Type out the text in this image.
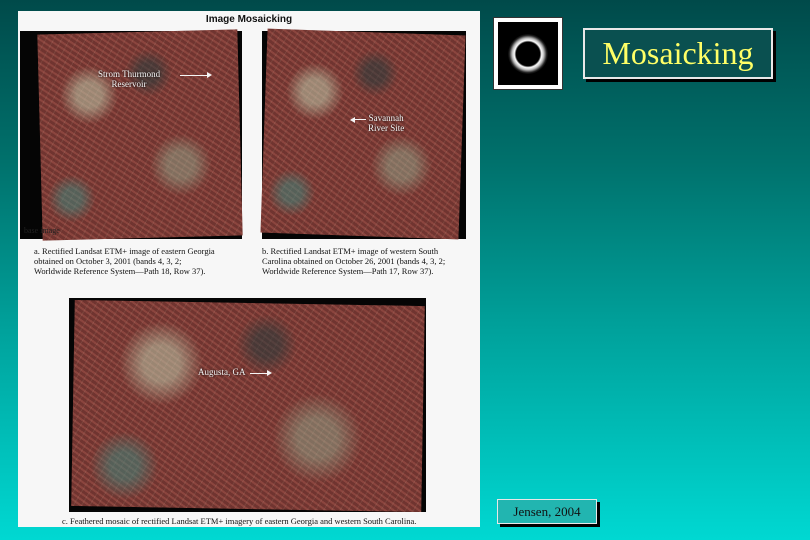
Image Mosaicking
Strom Thurmond
Reservoir
base image
a. Rectified Landsat ETM+ image of eastern Georgia
obtained on October 3, 2001 (bands 4, 3, 2;
Worldwide Reference System—Path 18, Row 37).
Savannah
River Site
b. Rectified Landsat ETM+ image of western South
Carolina obtained on October 26, 2001 (bands 4, 3, 2;
Worldwide Reference System—Path 17, Row 37).
Augusta, GA
c. Feathered mosaic of rectified Landsat ETM+ imagery of eastern Georgia and western South Carolina.
Mosaicking
Jensen, 2004
